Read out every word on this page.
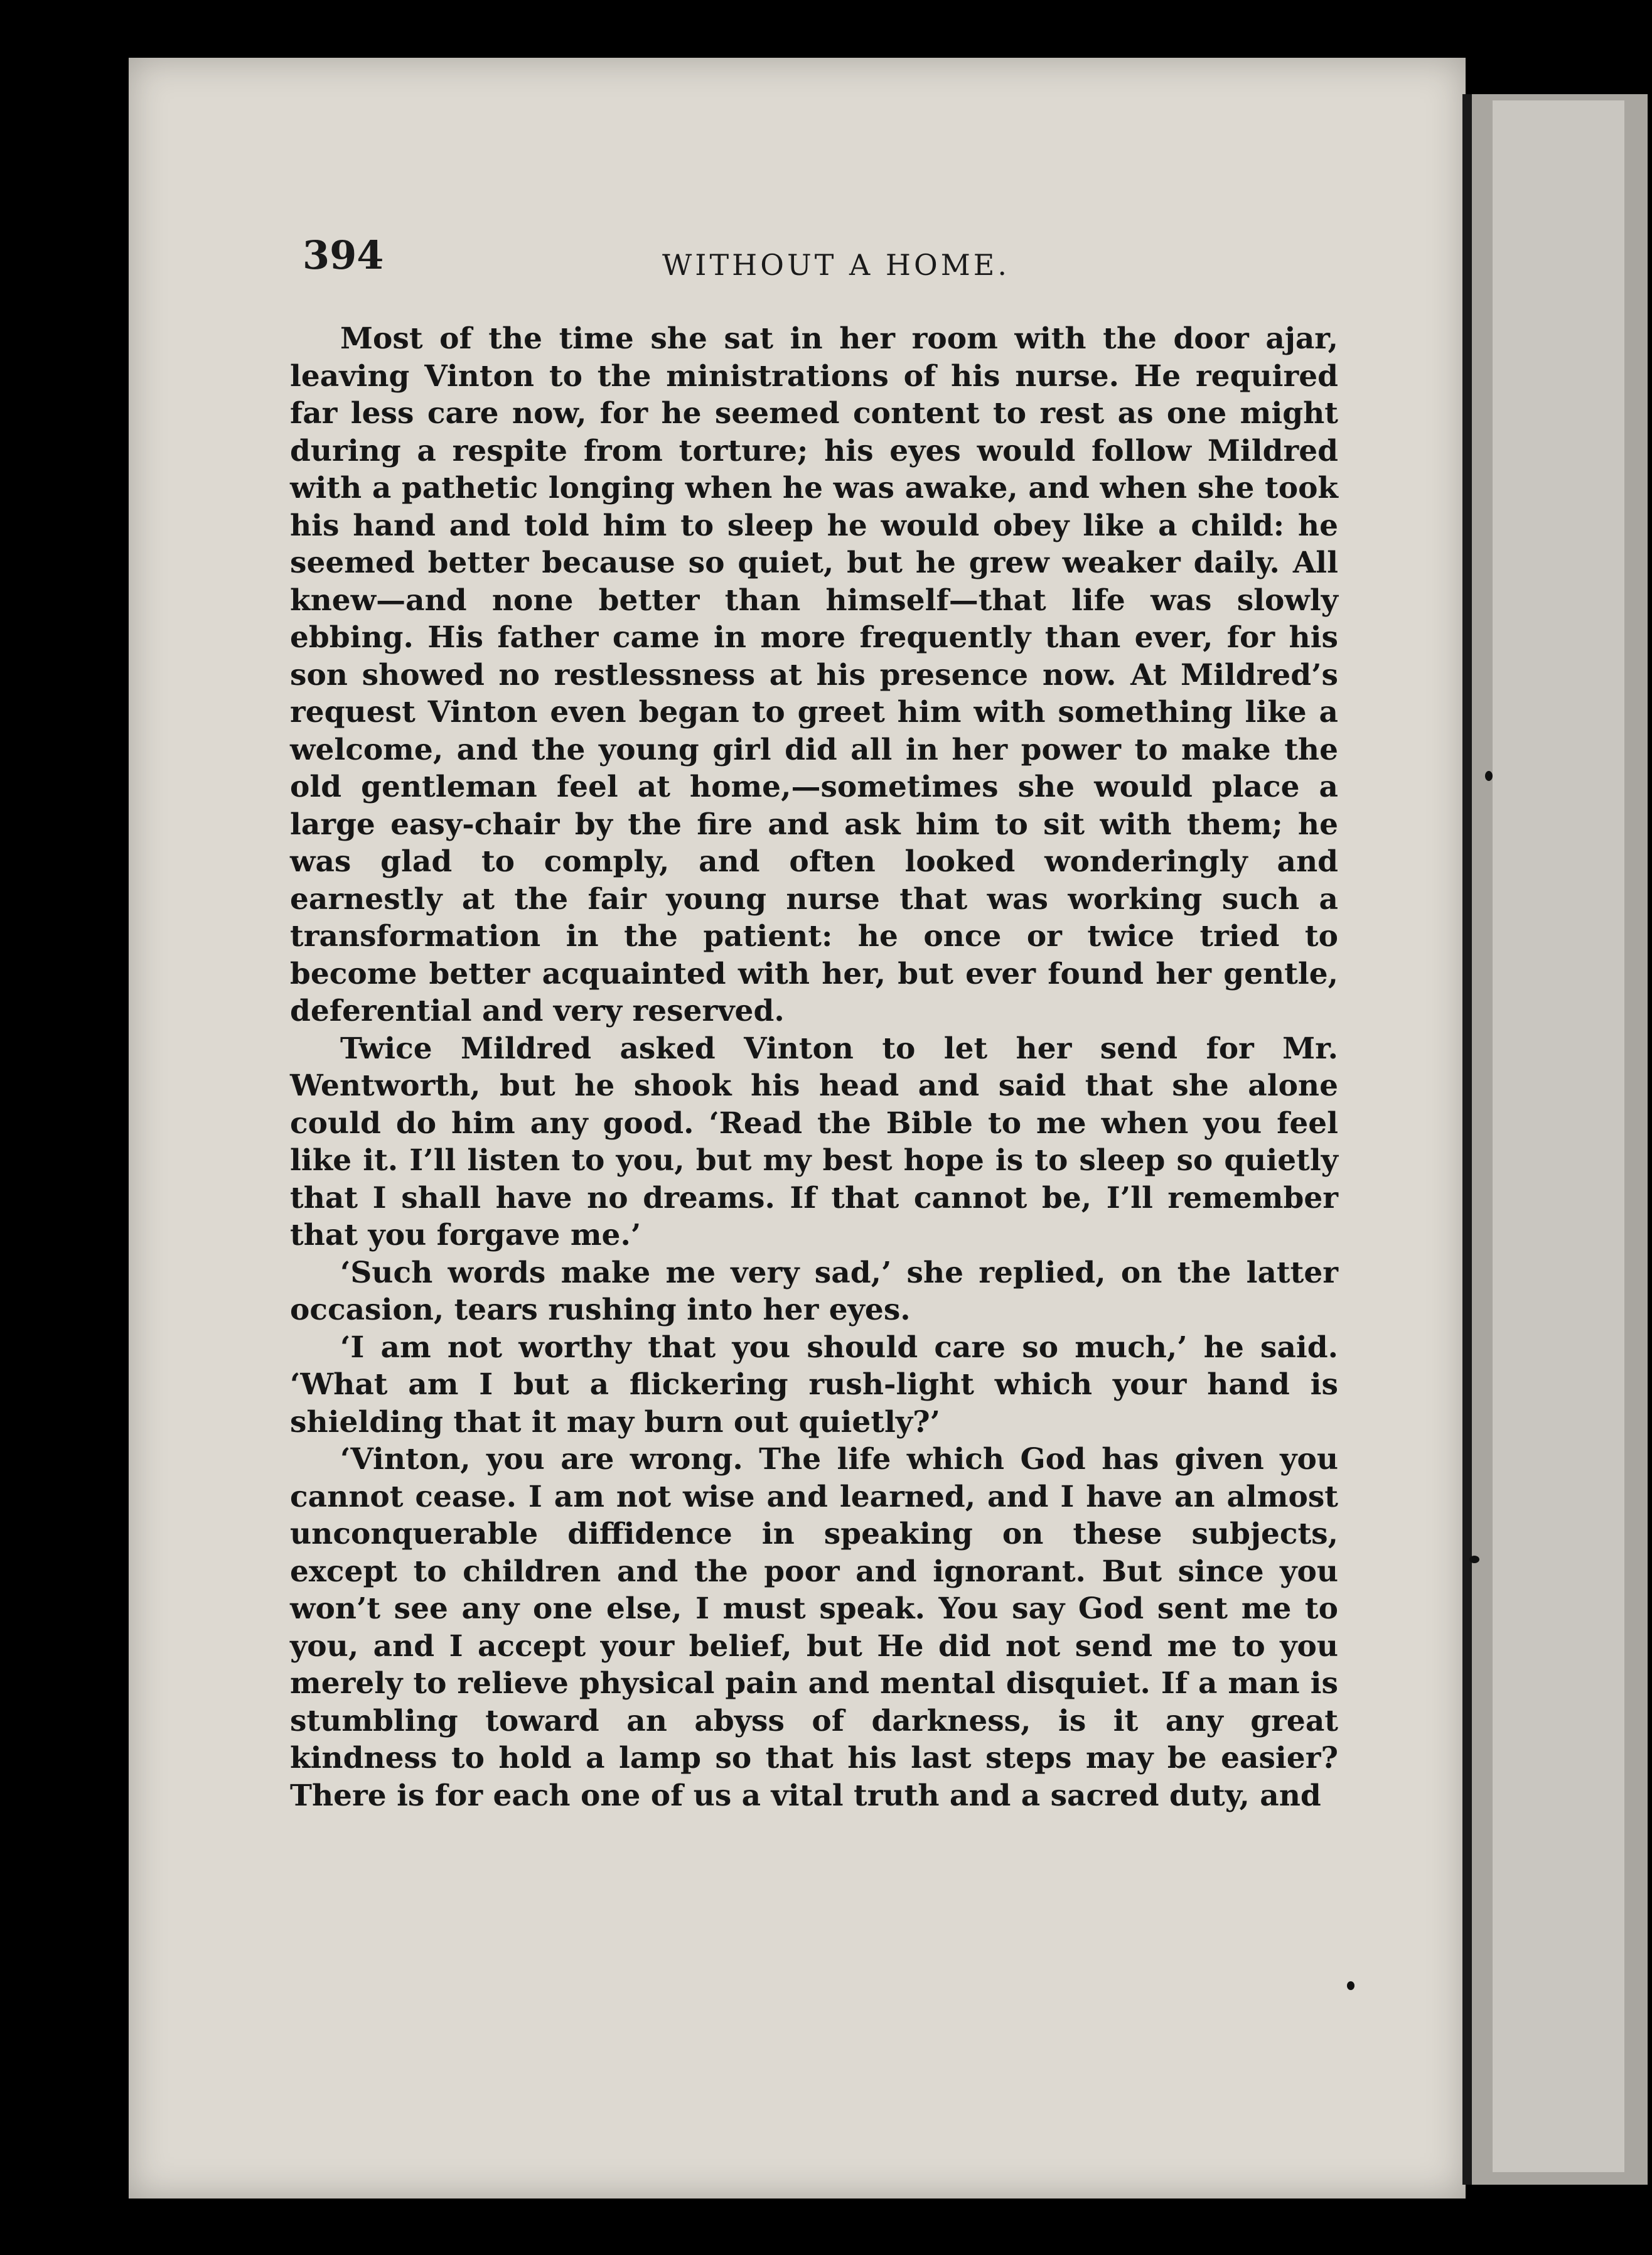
394	WITHOUT A HOME.

Most of the time she sat in her room with the door ajar, leaving Vinton to the ministrations of his nurse. He required far less care now, for he seemed content to rest as one might during a respite from torture; his eyes would follow Mildred with a pathetic longing when he was awake, and when she took his hand and told him to sleep he would obey like a child: he seemed better because so quiet, but he grew weaker daily. All knew—and none better than himself—that life was slowly ebbing. His father came in more frequently than ever, for his son showed no restlessness at his presence now. At Mildred’s request Vinton even began to greet him with something like a welcome, and the young girl did all in her power to make the old gentleman feel at home,—sometimes she would place a large easy-chair by the fire and ask him to sit with them; he was glad to comply, and often looked wonderingly and earnestly at the fair young nurse that was working such a transformation in the patient: he once or twice tried to become better acquainted with her, but ever found her gentle, deferential and very reserved.

Twice Mildred asked Vinton to let her send for Mr. Wentworth, but he shook his head and said that she alone could do him any good. ‘Read the Bible to me when you feel like it. I’ll listen to you, but my best hope is to sleep so quietly that I shall have no dreams. If that cannot be, I’ll remember that you forgave me.’

‘Such words make me very sad,’ she replied, on the latter occasion, tears rushing into her eyes.

‘I am not worthy that you should care so much,’ he said. ‘What am I but a flickering rush-light which your hand is shielding that it may burn out quietly?’

‘Vinton, you are wrong. The life which God has given you cannot cease. I am not wise and learned, and I have an almost unconquerable diffidence in speaking on these subjects, except to children and the poor and ignorant. But since you won’t see any one else, I must speak. You say God sent me to you, and I accept your belief, but He did not send me to you merely to relieve physical pain and mental disquiet. If a man is stumbling toward an abyss of darkness, is it any great kindness to hold a lamp so that his last steps may be easier? There is for each one of us a vital truth and a sacred duty, and
